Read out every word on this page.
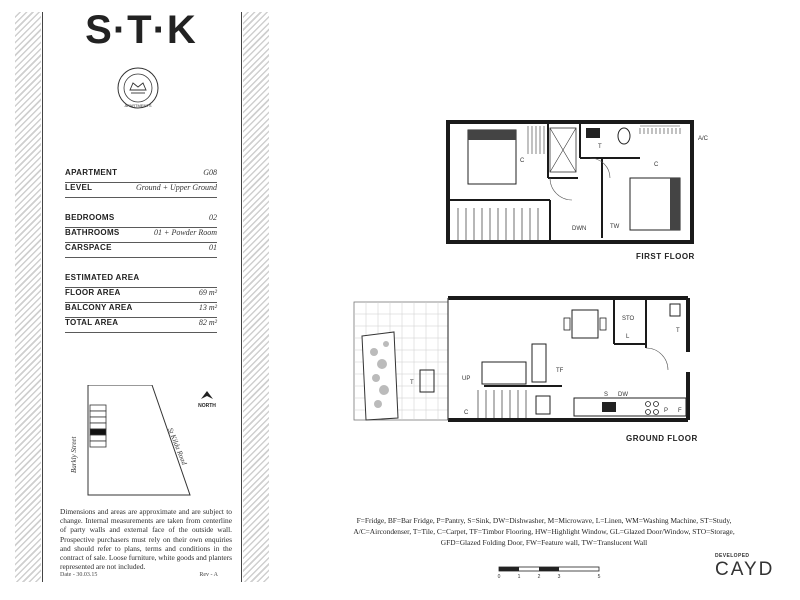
S·T·K
APARTMENTS
APARTMENT	G08
LEVEL	Ground + Upper Ground
BEDROOMS	02
BATHROOMS	01 + Powder Room
CARSPACE	01
ESTIMATED AREA
FLOOR AREA	69 m²
BALCONY AREA	13 m²
TOTAL AREA	82 m²
NORTH
Barkly Street	St Kilda Road
Dimensions and areas are approximate and are subject to change. Internal measurements are taken from centerline of party walls and external face of the outside wall. Prospective purchasers must rely on their own enquiries and should refer to plans, terms and conditions in the contract of sale. Loose furniture, white goods and planters represented are not included.
Date - 30.03.15	Rev - A
C
C
T
A/C
DWN	TW
FIRST FLOOR
STO
L
T
TF
UP
C
T
S DW
P F
GROUND FLOOR
F=Fridge, BF=Bar Fridge, P=Pantry, S=Sink, DW=Dishwasher, M=Microwave, L=Linen, WM=Washing Machine, ST=Study,
A/C=Aircondenser, T=Tile, C=Carpet, TF=Timbor Flooring, HW=Highlight Window, GL=Glazed Door/Window, STO=Storage,
GFD=Glazed Folding Door, FW=Feature wall, TW=Translucent Wall
0	1	2	3	5
DEVELOPED
CAYD
